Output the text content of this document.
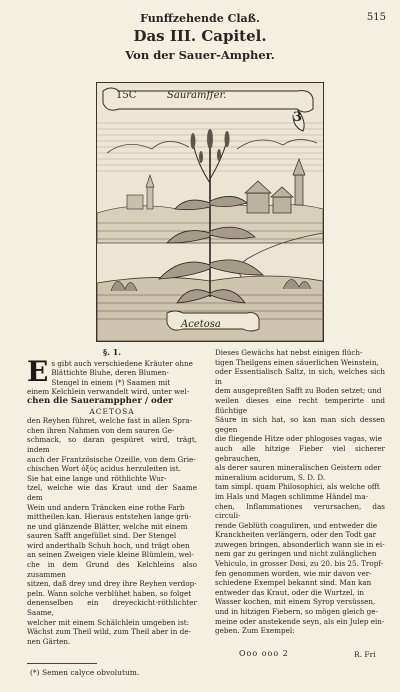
Funffzehende Claß.	515
Das III. Capitel.
Von der Sauer-Ampher.
15C	Sauramffer.
3
Acetosa
§. 1.
E s gibt auch verschiedene Kräuter ohne

Blättichte Bluhe, deren Blumen-

Stengel in einem (*) Saamen mit

einem Kelchlein verwandelt wird, unter wel-

chen die Saueramppher / oder

ACETOSA

den Reyhen führet, welche fast in allen Spra-

chen ihren Nahmen von dem sauren Ge-

schmack, so daran gespüret wird, trägt, indem

auch der Frantzösische Ozeille, von dem Grie-

chischen Wort ὀξύς acidus herzuleiten ist.

Sie hat eine lange und röthlichte Wur-

tzel, welche wie das Kraut und der Saame dem

Wein und andern Träncken eine rothe Farb

mittheilen kan. Hieraus entstehen lange grü-

ne und glänzende Blätter, welche mit einem

sauren Safft angefüllet sind. Der Stengel

wird anderthalb Schuh hoch, und trägt oben

an seinen Zweigen viele kleine Blümlein, wel-

che in dem Grund des Kelchleins also zusammen

sitzen, daß drey und drey ihre Reyhen verdop-

peln. Wann solche verblühet haben, so folget

denenselben ein dreyeckicht-röthlichter Saame,

welcher mit einem Schälchlein umgeben ist:

Wächst zum Theil wild, zum Theil aber in de-

nen Gärten.

Dieses Gewächs hat nebst einigen flüch-

tigen Theilgens einen säuerlichen Weinstein,

oder Essentialisch Saltz, in sich, welches sich in

dem ausgepreßten Safft zu Boden setzet; und

weilen dieses eine recht temperirte und flüchtige

Säure in sich hat, so kan man sich dessen gegen

die fliegende Hitze oder phlogoses vagas, wie

auch alle hitzige Fieber viel sicherer gebrauchen,

als derer sauren mineralischen Geistern oder

mineralium acidorum, S. D. D.

tam simpl. quam Philosophici, als welche offt

im Hals und Magen schlimme Händel ma-

chen, Inflammationes verursachen, das circuli-

rende Geblüth coaguliren, und entweder die

Kranckheiten verlängern, oder den Todt gar

zuwegen bringen, absonderlich wann sie in ei-

nem gar zu geringen und nicht zulänglichen

Vehiculo, in grosser Dosi, zu 20. bis 25. Tropf-

fen genommen worden, wie mir davon ver-

schiedene Exempel bekannt sind. Man kan

entweder das Kraut, oder die Wurtzel, in

Wasser kochen, mit einem Syrop versüssen,

und in hitzigen Fiebern, so mögen gleich ge-

meine oder anstekende seyn, als ein Julep ein-

geben. Zum Exempel:

Ooo ooo 2	R. Fri
(*) Semen calyce obvolutum.
